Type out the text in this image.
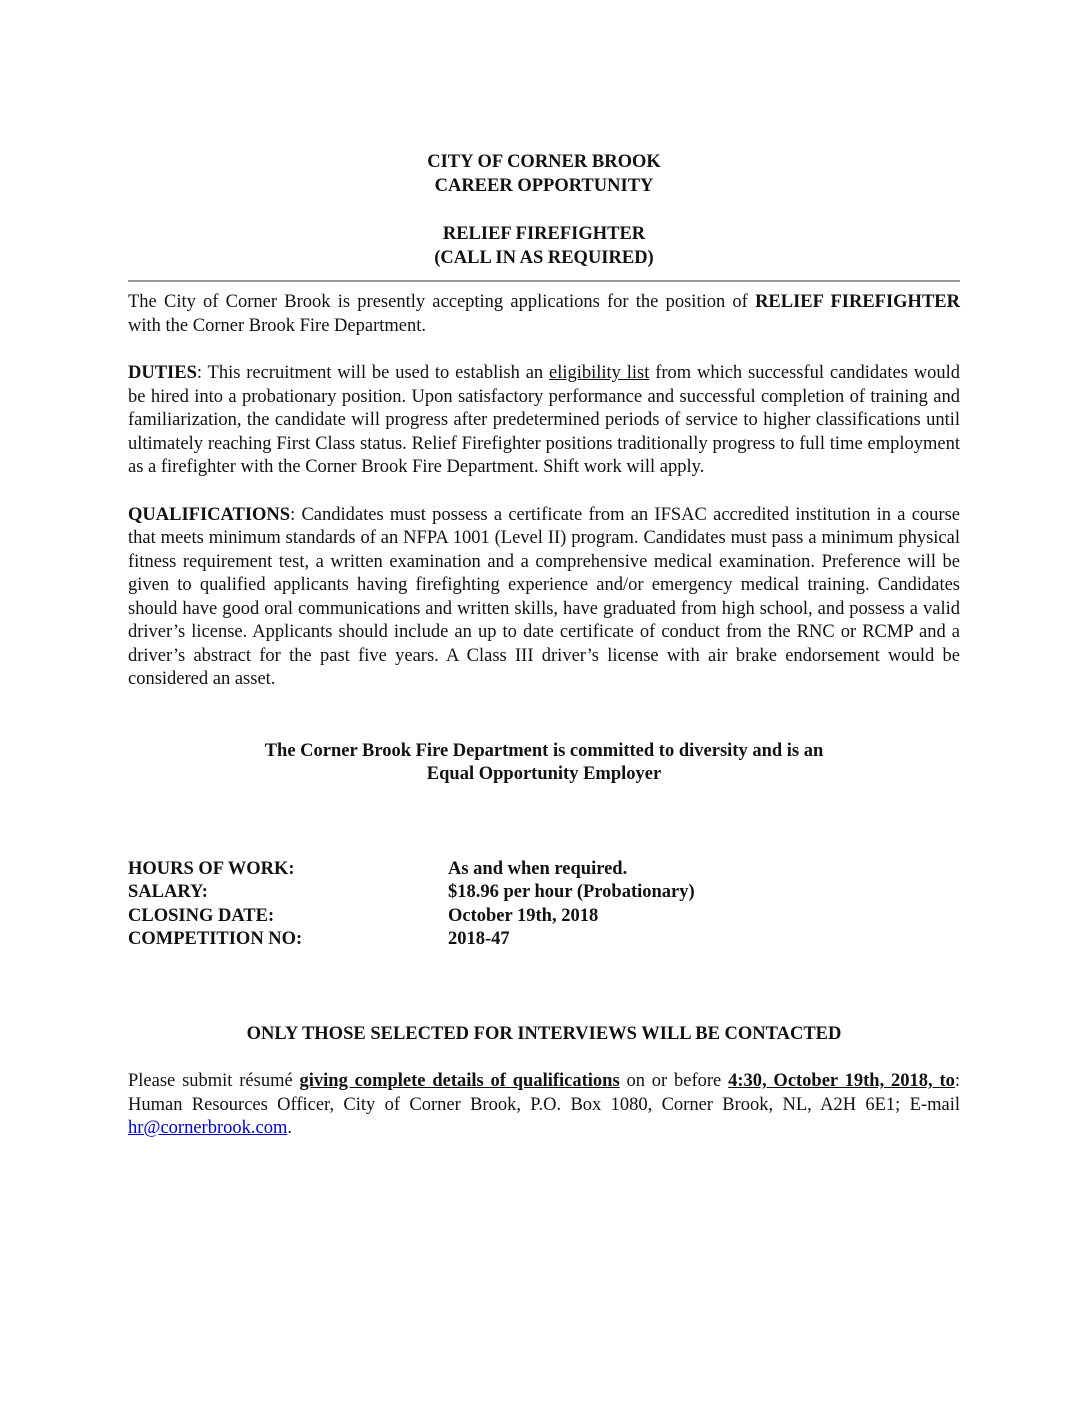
CITY OF CORNER BROOK
CAREER OPPORTUNITY
RELIEF FIREFIGHTER
(CALL IN AS REQUIRED)

The City of Corner Brook is presently accepting applications for the position of RELIEF FIREFIGHTER with the Corner Brook Fire Department.

DUTIES: This recruitment will be used to establish an eligibility list from which successful candidates would be hired into a probationary position. Upon satisfactory performance and successful completion of training and familiarization, the candidate will progress after predetermined periods of service to higher classifications until ultimately reaching First Class status. Relief Firefighter positions traditionally progress to full time employment as a firefighter with the Corner Brook Fire Department. Shift work will apply.

QUALIFICATIONS: Candidates must possess a certificate from an IFSAC accredited institution in a course that meets minimum standards of an NFPA 1001 (Level II) program. Candidates must pass a minimum physical fitness requirement test, a written examination and a comprehensive medical examination. Preference will be given to qualified applicants having firefighting experience and/or emergency medical training. Candidates should have good oral communications and written skills, have graduated from high school, and possess a valid driver’s license. Applicants should include an up to date certificate of conduct from the RNC or RCMP and a driver’s abstract for the past five years. A Class III driver’s license with air brake endorsement would be considered an asset.

The Corner Brook Fire Department is committed to diversity and is an
Equal Opportunity Employer
HOURS OF WORK:	As and when required.
SALARY:	$18.96 per hour (Probationary)
CLOSING DATE:	October 19th, 2018
COMPETITION NO:	2018-47
ONLY THOSE SELECTED FOR INTERVIEWS WILL BE CONTACTED

Please submit résumé giving complete details of qualifications on or before 4:30, October 19th, 2018, to: Human Resources Officer, City of Corner Brook, P.O. Box 1080, Corner Brook, NL, A2H 6E1; E-mail hr@cornerbrook.com.
